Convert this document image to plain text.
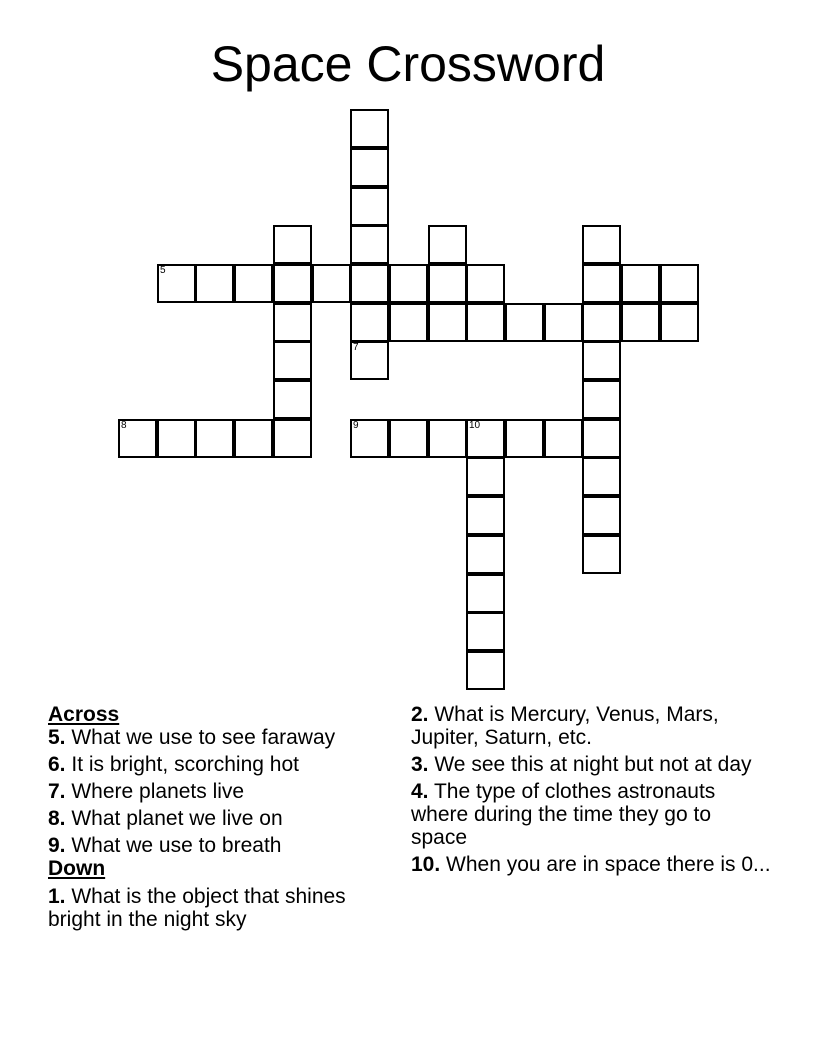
Space Crossword
7
5
8	9	10
Across
5. What we use to see faraway
6. It is bright, scorching hot
7. Where planets live
8. What planet we live on
9. What we use to breath
Down
1. What is the object that shines bright in the night sky
2. What is Mercury, Venus, Mars, Jupiter, Saturn, etc.
3. We see this at night but not at day
4. The type of clothes astronauts where during the time they go to space
10. When you are in space there is 0...
